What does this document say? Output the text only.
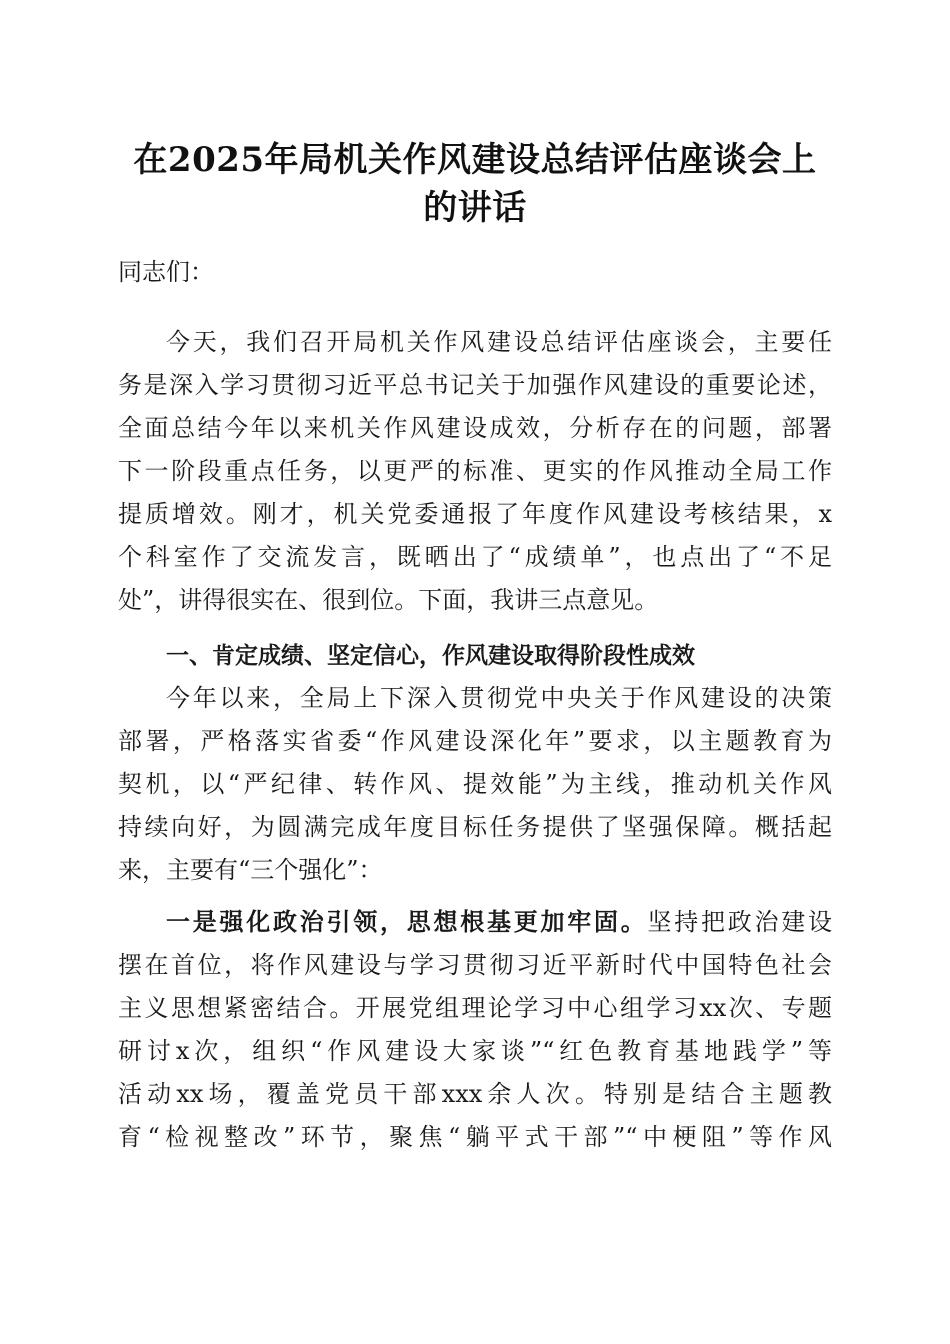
在2025年局机关作风建设总结评估座谈会上
的讲话
同志们：
今天，我们召开局机关作风建设总结评估座谈会，主要任
务是深入学习贯彻习近平总书记关于加强作风建设的重要论述，
全面总结今年以来机关作风建设成效，分析存在的问题，部署
下一阶段重点任务，以更严的标准、更实的作风推动全局工作
提质增效。刚才，机关党委通报了年度作风建设考核结果，x
个科室作了交流发言，既晒出了“成绩单”，也点出了“不足
处”，讲得很实在、很到位。下面，我讲三点意见。
一、肯定成绩、坚定信心，作风建设取得阶段性成效
今年以来，全局上下深入贯彻党中央关于作风建设的决策
部署，严格落实省委“作风建设深化年”要求，以主题教育为
契机，以“严纪律、转作风、提效能”为主线，推动机关作风
持续向好，为圆满完成年度目标任务提供了坚强保障。概括起
来，主要有“三个强化”：
一是强化政治引领，思想根基更加牢固。坚持把政治建设
摆在首位，将作风建设与学习贯彻习近平新时代中国特色社会
主义思想紧密结合。开展党组理论学习中心组学习xx次、专题
研讨x次，组织“作风建设大家谈”“红色教育基地践学”等
活动xx场，覆盖党员干部xxx余人次。特别是结合主题教
育“检视整改”环节，聚焦“躺平式干部”“中梗阻”等作风
